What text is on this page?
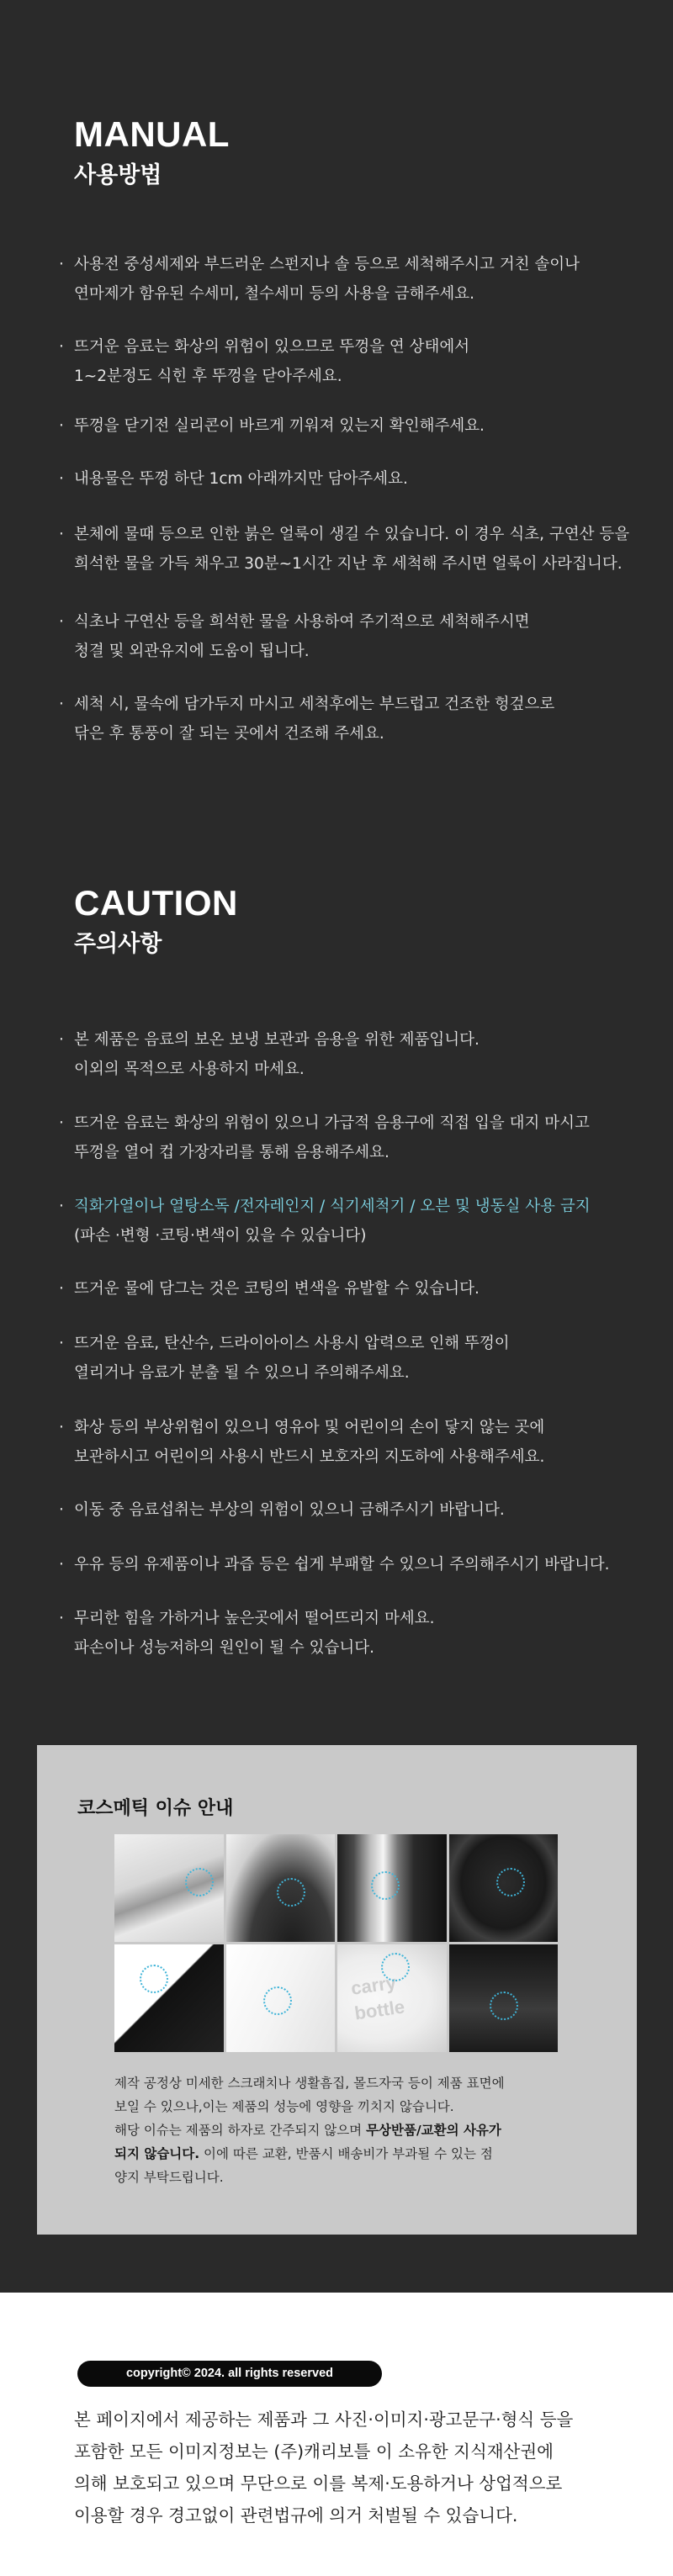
MANUAL
사용방법
· 사용전 중성세제와 부드러운 스펀지나 솔 등으로 세척해주시고 거친 솔이나
연마제가 함유된 수세미, 철수세미 등의 사용을 금해주세요.
· 뜨거운 음료는 화상의 위험이 있으므로 뚜껑을 연 상태에서
1~2분정도 식힌 후 뚜껑을 닫아주세요.
· 뚜껑을 닫기전 실리콘이 바르게 끼워져 있는지 확인해주세요.
· 내용물은 뚜껑 하단 1cm 아래까지만 담아주세요.
· 본체에 물때 등으로 인한 붉은 얼룩이 생길 수 있습니다. 이 경우 식초, 구연산 등을
희석한 물을 가득 채우고 30분~1시간 지난 후 세척해 주시면 얼룩이 사라집니다.
· 식초나 구연산 등을 희석한 물을 사용하여 주기적으로 세척해주시면
청결 및 외관유지에 도움이 됩니다.
· 세척 시, 물속에 담가두지 마시고 세척후에는 부드럽고 건조한 헝겊으로
닦은 후 통풍이 잘 되는 곳에서 건조해 주세요.
CAUTION
주의사항
· 본 제품은 음료의 보온 보냉 보관과 음용을 위한 제품입니다.
이외의 목적으로 사용하지 마세요.
· 뜨거운 음료는 화상의 위험이 있으니 가급적 음용구에 직접 입을 대지 마시고
뚜껑을 열어 컵 가장자리를 통해 음용해주세요.
· 직화가열이나 열탕소독 /전자레인지 / 식기세척기 / 오븐 및 냉동실 사용 금지
(파손 ·변형 ·코팅·변색이 있을 수 있습니다)
· 뜨거운 물에 담그는 것은 코팅의 변색을 유발할 수 있습니다.
· 뜨거운 음료, 탄산수, 드라이아이스 사용시 압력으로 인해 뚜껑이
열리거나 음료가 분출 될 수 있으니 주의해주세요.
· 화상 등의 부상위험이 있으니 영유아 및 어린이의 손이 닿지 않는 곳에
보관하시고 어린이의 사용시 반드시 보호자의 지도하에 사용해주세요.
· 이동 중 음료섭취는 부상의 위험이 있으니 금해주시기 바랍니다.
· 우유 등의 유제품이나 과즙 등은 쉽게 부패할 수 있으니 주의해주시기 바랍니다.
· 무리한 힘을 가하거나 높은곳에서 떨어뜨리지 마세요.
파손이나 성능저하의 원인이 될 수 있습니다.
코스메틱 이슈 안내
carry bottle

제작 공정상 미세한 스크래치나 생활흠집, 몰드자국 등이 제품 표면에

보일 수 있으나,이는 제품의 성능에 영향을 끼치지 않습니다.

해당 이슈는 제품의 하자로 간주되지 않으며 무상반품/교환의 사유가

되지 않습니다. 이에 따른 교환, 반품시 배송비가 부과될 수 있는 점

양지 부탁드립니다.

copyright© 2024. all rights reserved
본 페이지에서 제공하는 제품과 그 사진·이미지·광고문구·형식 등을
포함한 모든 이미지정보는 (주)캐리보틀 이 소유한 지식재산권에
의해 보호되고 있으며 무단으로 이를 복제·도용하거나 상업적으로
이용할 경우 경고없이 관련법규에 의거 처벌될 수 있습니다.
